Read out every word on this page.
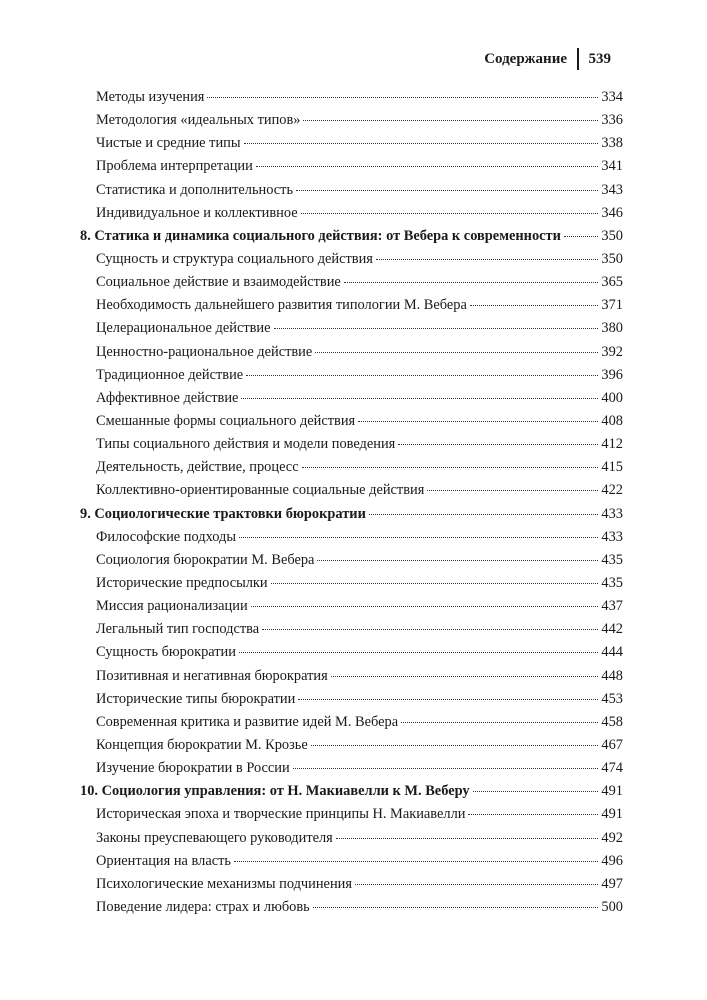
Содержание 539
Методы изучения	334
Методология «идеальных типов»	336
Чистые и средние типы	338
Проблема интерпретации	341
Статистика и дополнительность	343
Индивидуальное и коллективное	346
8. Статика и динамика социального действия: от Вебера к современности	350
Сущность и структура социального действия	350
Социальное действие и взаимодействие	365
Необходимость дальнейшего развития типологии М. Вебера	371
Целерациональное действие	380
Ценностно-рациональное действие	392
Традиционное действие	396
Аффективное действие	400
Смешанные формы социального действия	408
Типы социального действия и модели поведения	412
Деятельность, действие, процесс	415
Коллективно-ориентированные социальные действия	422
9. Социологические трактовки бюрократии	433
Философские подходы	433
Социология бюрократии М. Вебера	435
Исторические предпосылки	435
Миссия рационализации	437
Легальный тип господства	442
Сущность бюрократии	444
Позитивная и негативная бюрократия	448
Исторические типы бюрократии	453
Современная критика и развитие идей М. Вебера	458
Концепция бюрократии М. Крозье	467
Изучение бюрократии в России	474
10. Социология управления: от Н. Макиавелли к М. Веберу	491
Историческая эпоха и творческие принципы Н. Макиавелли	491
Законы преуспевающего руководителя	492
Ориентация на власть	496
Психологические механизмы подчинения	497
Поведение лидера: страх и любовь	500
